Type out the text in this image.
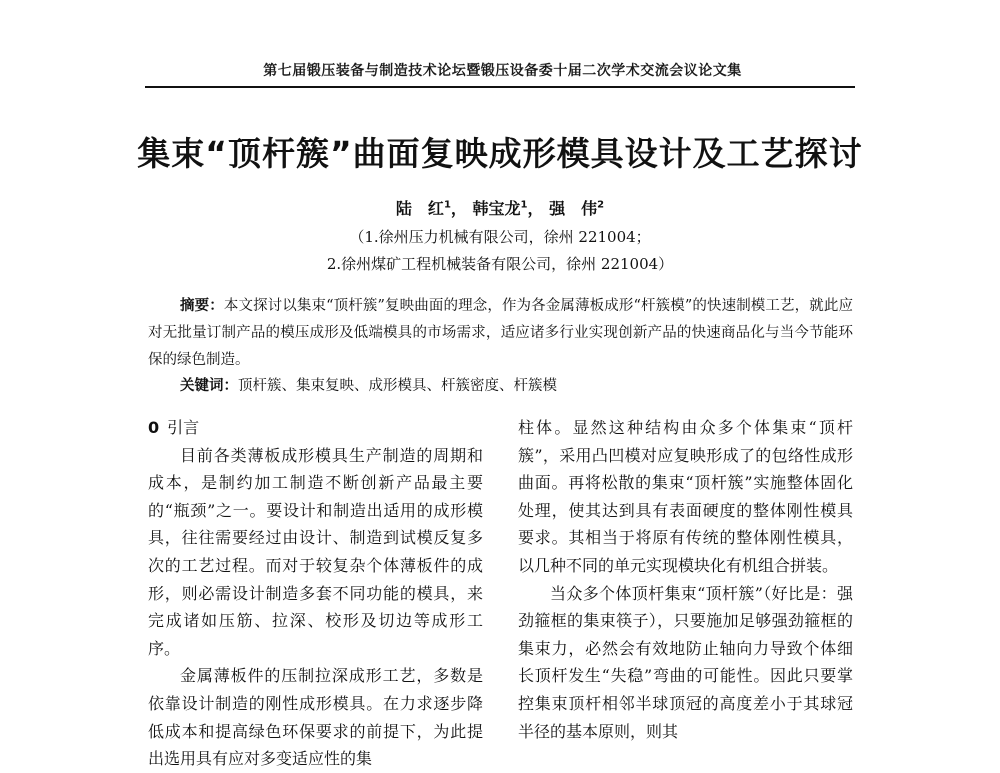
第七届锻压装备与制造技术论坛暨锻压设备委十届二次学术交流会议论文集
集束“顶杆簇”曲面复映成形模具设计及工艺探讨
陆　红$^1$， 韩宝龙$^1$， 强　伟$^2$
（1.徐州压力机械有限公司，徐州 221004；
2.徐州煤矿工程机械装备有限公司，徐州 221004）
摘要：本文探讨以集束“顶杆簇”复映曲面的理念，作为各金属薄板成形“杆簇模”的快速制模工艺，就此应对无批量订制产品的模压成形及低端模具的市场需求，适应诸多行业实现创新产品的快速商品化与当今节能环保的绿色制造。
关键词：顶杆簇、集束复映、成形模具、杆簇密度、杆簇模
0 引言

目前各类薄板成形模具生产制造的周期和成本，是制约加工制造不断创新产品最主要的“瓶颈”之一。要设计和制造出适用的成形模具，往往需要经过由设计、制造到试模反复多次的工艺过程。而对于较复杂个体薄板件的成形，则必需设计制造多套不同功能的模具，来完成诸如压筋、拉深、校形及切边等成形工序。

金属薄板件的压制拉深成形工艺，多数是依靠设计制造的刚性成形模具。在力求逐步降低成本和提高绿色环保要求的前提下，为此提出选用具有应对多变适应性的集

柱体。显然这种结构由众多个体集束“顶杆簇”，采用凸凹模对应复映形成了的包络性成形曲面。再将松散的集束“顶杆簇”实施整体固化处理，使其达到具有表面硬度的整体刚性模具要求。其相当于将原有传统的整体刚性模具，以几种不同的单元实现模块化有机组合拼装。

当众多个体顶杆集束“顶杆簇”（好比是：强劲箍框的集束筷子），只要施加足够强劲箍框的集束力，必然会有效地防止轴向力导致个体细长顶杆发生“失稳”弯曲的可能性。因此只要掌控集束顶杆相邻半球顶冠的高度差小于其球冠半径的基本原则，则其
